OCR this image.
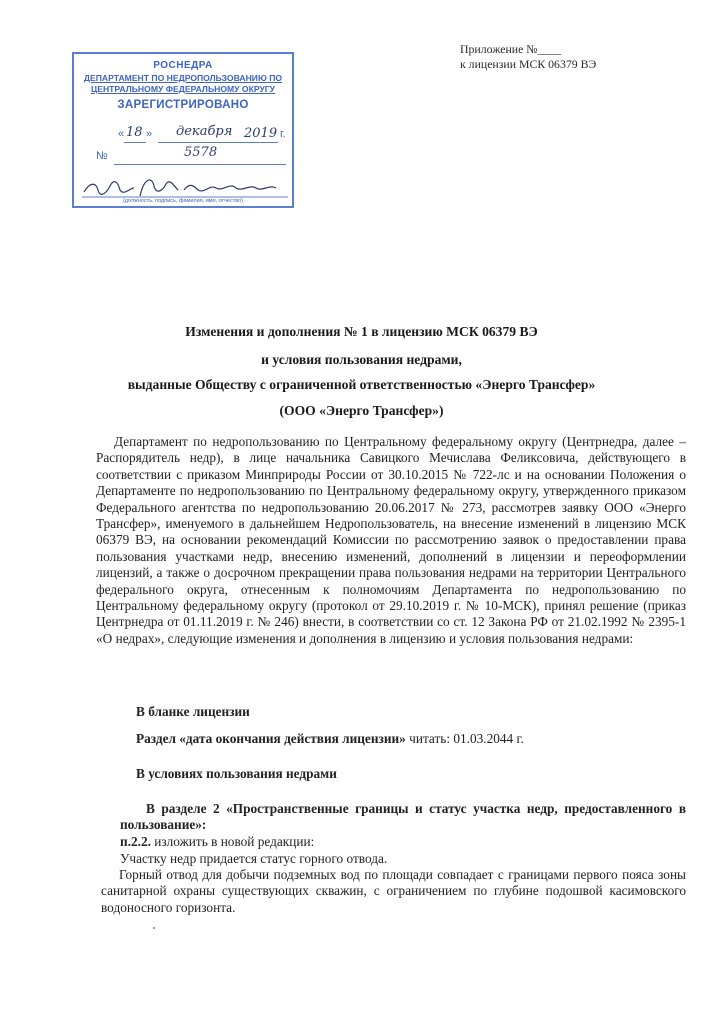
РОСНЕДРА
ДЕПАРТАМЕНТ ПО НЕДРОПОЛЬЗОВАНИЮ ПО ЦЕНТРАЛЬНОМУ ФЕДЕРАЛЬНОМУ ОКРУГУ
ЗАРЕГИСТРИРОВАНО
« 18 » декабря 2019 г.
№	5578
(должность, подпись, фамилия, имя, отчество)
Приложение №____
к лицензии МСК 06379 ВЭ
Изменения и дополнения № 1 в лицензию МСК 06379 ВЭ
и условия пользования недрами,
выданные Обществу с ограниченной ответственностью «Энерго Трансфер»
(ООО «Энерго Трансфер»)
Департамент по недропользованию по Центральному федеральному округу (Центрнедра, далее – Распорядитель недр), в лице начальника Савицкого Мечислава Феликсовича, действующего в соответствии с приказом Минприроды России от 30.10.2015 № 722-лс и на основании Положения о Департаменте по недропользованию по Центральному федеральному округу, утвержденного приказом Федерального агентства по недропользованию 20.06.2017 № 273, рассмотрев заявку ООО «Энерго Трансфер», именуемого в дальнейшем Недропользователь, на внесение изменений в лицензию МСК 06379 ВЭ, на основании рекомендаций Комиссии по рассмотрению заявок о предоставлении права пользования участками недр, внесению изменений, дополнений в лицензии и переоформлении лицензий, а также о досрочном прекращении права пользования недрами на территории Центрального федерального округа, отнесенным к полномочиям Департамента по недропользованию по Центральному федеральному округу (протокол от 29.10.2019 г. № 10-МСК), принял решение (приказ Центрнедра от 01.11.2019 г. № 246) внести, в соответствии со ст. 12 Закона РФ от 21.02.1992 № 2395-1 «О недрах», следующие изменения и дополнения в лицензию и условия пользования недрами:
В бланке лицензии
Раздел «дата окончания действия лицензии» читать: 01.03.2044 г.
В условиях пользования недрами
В разделе 2 «Пространственные границы и статус участка недр, предоставленного в пользование»:
п.2.2. изложить в новой редакции:
Участку недр придается статус горного отвода.
Горный отвод для добычи подземных вод по площади совпадает с границами первого пояса зоны санитарной охраны существующих скважин, с ограничением по глубине подошвой касимовского водоносного горизонта.
